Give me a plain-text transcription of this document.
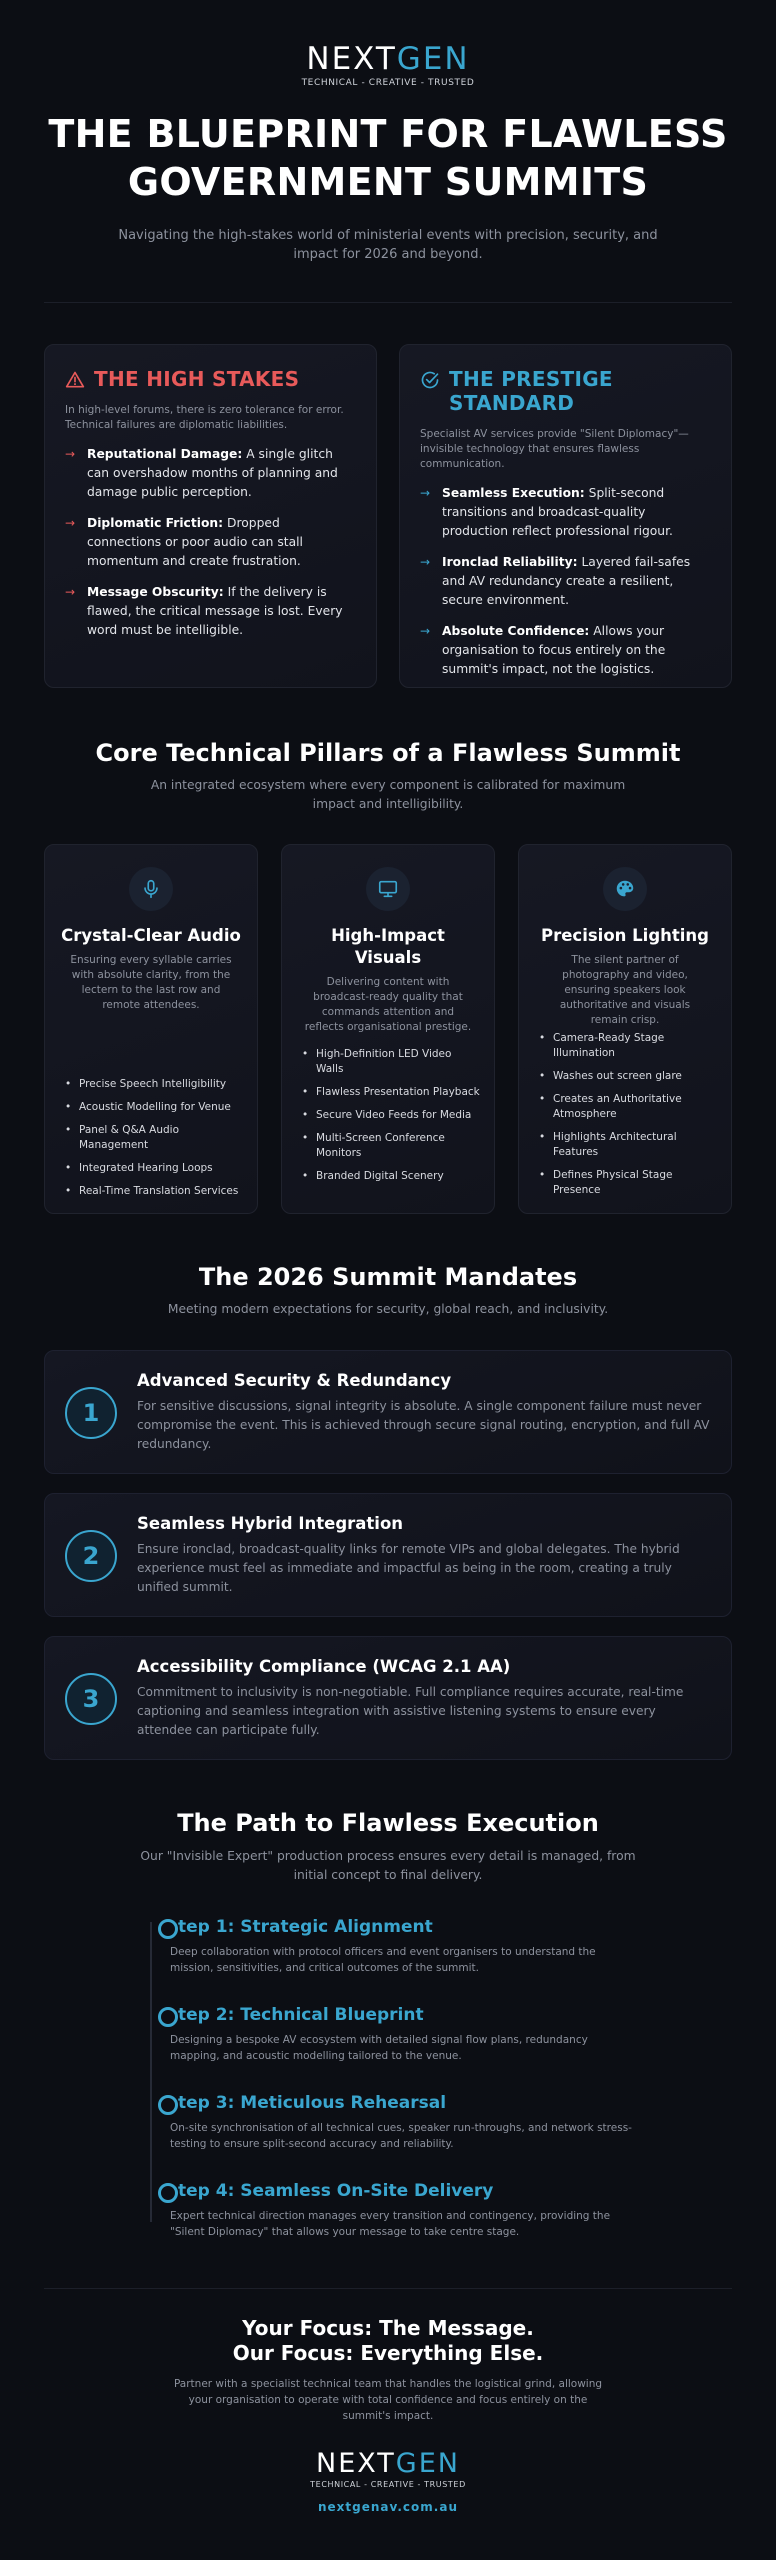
NEXTGEN
TECHNICAL - CREATIVE - TRUSTED
THE BLUEPRINT FOR FLAWLESS
GOVERNMENT SUMMITS

Navigating the high-stakes world of ministerial events with precision, security, and impact for 2026 and beyond.

THE HIGH STAKES

In high-level forums, there is zero tolerance for error. Technical failures are diplomatic liabilities.

→ Reputational Damage: A single glitch can overshadow months of planning and damage public perception.
→ Diplomatic Friction: Dropped connections or poor audio can stall momentum and create frustration.
→ Message Obscurity: If the delivery is flawed, the critical message is lost. Every word must be intelligible.
THE PRESTIGE
STANDARD

Specialist AV services provide "Silent Diplomacy"—invisible technology that ensures flawless communication.

→ Seamless Execution: Split-second transitions and broadcast-quality production reflect professional rigour.
→ Ironclad Reliability: Layered fail-safes and AV redundancy create a resilient, secure environment.
→ Absolute Confidence: Allows your organisation to focus entirely on the summit's impact, not the logistics.
Core Technical Pillars of a Flawless Summit

An integrated ecosystem where every component is calibrated for maximum impact and intelligibility.

Crystal-Clear Audio

Ensuring every syllable carries with absolute clarity, from the lectern to the last row and remote attendees.

• Precise Speech Intelligibility
• Acoustic Modelling for Venue
• Panel & Q&A Audio Management
• Integrated Hearing Loops
• Real-Time Translation Services
High-Impact
Visuals

Delivering content with broadcast-ready quality that commands attention and reflects organisational prestige.

• High-Definition LED Video Walls
• Flawless Presentation Playback
• Secure Video Feeds for Media
• Multi-Screen Conference Monitors
• Branded Digital Scenery
Precision Lighting

The silent partner of photography and video, ensuring speakers look authoritative and visuals remain crisp.

• Camera-Ready Stage Illumination
• Washes out screen glare
• Creates an Authoritative Atmosphere
• Highlights Architectural Features
• Defines Physical Stage Presence
The 2026 Summit Mandates

Meeting modern expectations for security, global reach, and inclusivity.

1
Advanced Security & Redundancy

For sensitive discussions, signal integrity is absolute. A single component failure must never compromise the event. This is achieved through secure signal routing, encryption, and full AV redundancy.

2
Seamless Hybrid Integration

Ensure ironclad, broadcast-quality links for remote VIPs and global delegates. The hybrid experience must feel as immediate and impactful as being in the room, creating a truly unified summit.

3
Accessibility Compliance (WCAG 2.1 AA)

Commitment to inclusivity is non-negotiable. Full compliance requires accurate, real-time captioning and seamless integration with assistive listening systems to ensure every attendee can participate fully.

The Path to Flawless Execution

Our "Invisible Expert" production process ensures every detail is managed, from initial concept to final delivery.

tep 1: Strategic Alignment

Deep collaboration with protocol officers and event organisers to understand the mission, sensitivities, and critical outcomes of the summit.

tep 2: Technical Blueprint

Designing a bespoke AV ecosystem with detailed signal flow plans, redundancy mapping, and acoustic modelling tailored to the venue.

tep 3: Meticulous Rehearsal

On-site synchronisation of all technical cues, speaker run-throughs, and network stress-testing to ensure split-second accuracy and reliability.

tep 4: Seamless On-Site Delivery

Expert technical direction manages every transition and contingency, providing the "Silent Diplomacy" that allows your message to take centre stage.

Your Focus: The Message.
Our Focus: Everything Else.

Partner with a specialist technical team that handles the logistical grind, allowing your organisation to operate with total confidence and focus entirely on the summit's impact.

NEXTGEN
TECHNICAL - CREATIVE - TRUSTED
nextgenav.com.au
